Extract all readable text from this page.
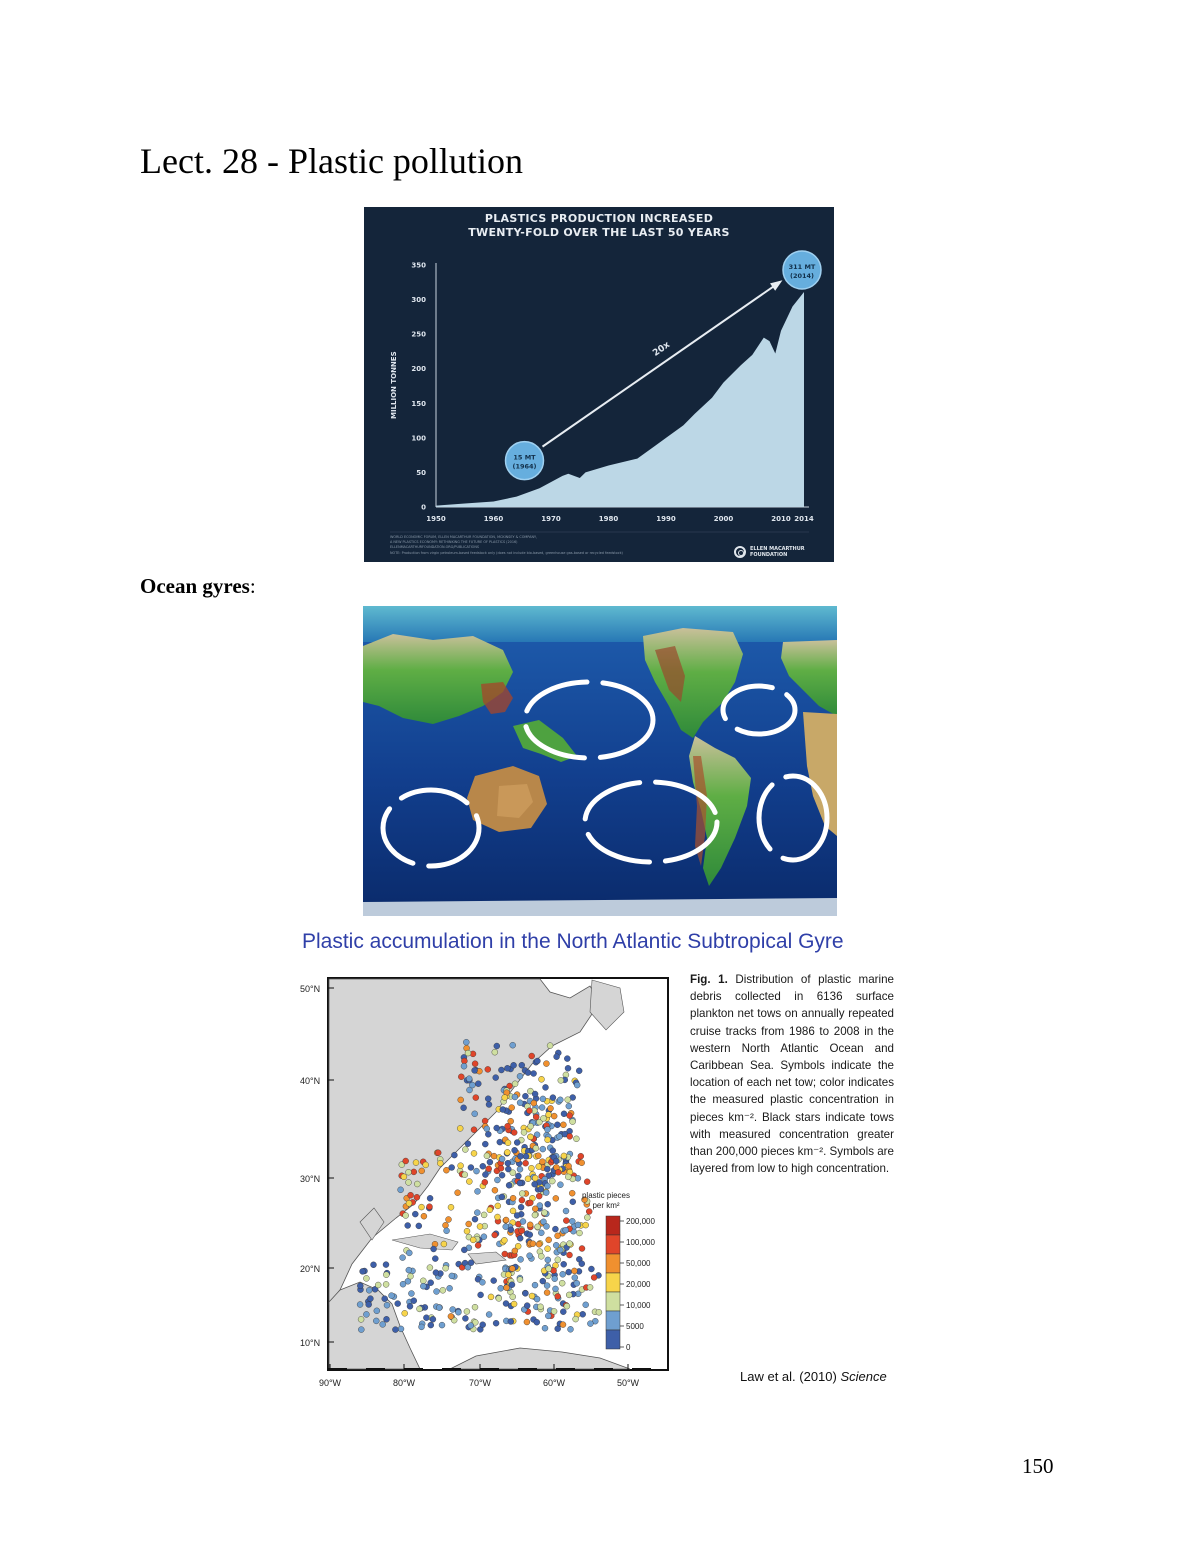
Lect. 28 - Plastic pollution
PLASTICS PRODUCTION INCREASED
TWENTY-FOLD OVER THE LAST 50 YEARS
0
50
100
150
200
250
300
350
1950	1960	1970	1980	1990	2000	2010 2014
MILLION TONNES
20x
15 MT
(1964)
311 MT
(2014)
WORLD ECONOMIC FORUM, ELLEN MACARTHUR FOUNDATION, MCKINSEY & COMPANY,
A NEW PLASTICS ECONOMY: RETHINKING THE FUTURE OF PLASTICS (2016)
ELLENMACARTHURFOUNDATION.ORG/PUBLICATIONS
NOTE: Production from virgin petroleum-based feedstock only (does not include bio-based, greenhouse gas-based or recycled feedstock)
ELLEN MACARTHUR
FOUNDATION

Ocean gyres:

Plastic accumulation in the North Atlantic Subtropical Gyre
50°N
40°N
30°N
20°N
10°N
90°W	80°W	70°W	60°W	50°W
plastic pieces
per km²
200,000
100,000
50,000
20,000
10,000
5000
0

Fig. 1. Distribution of plastic marine debris collected in 6136 surface plankton net tows on annually repeated cruise tracks from 1986 to 2008 in the western North Atlantic Ocean and Caribbean Sea. Symbols indicate the location of each net tow; color indicates the measured plastic concentration in pieces km⁻². Black stars indicate tows with measured concentration greater than 200,000 pieces km⁻². Symbols are layered from low to high concentration.

Law et al. (2010) Science
150
